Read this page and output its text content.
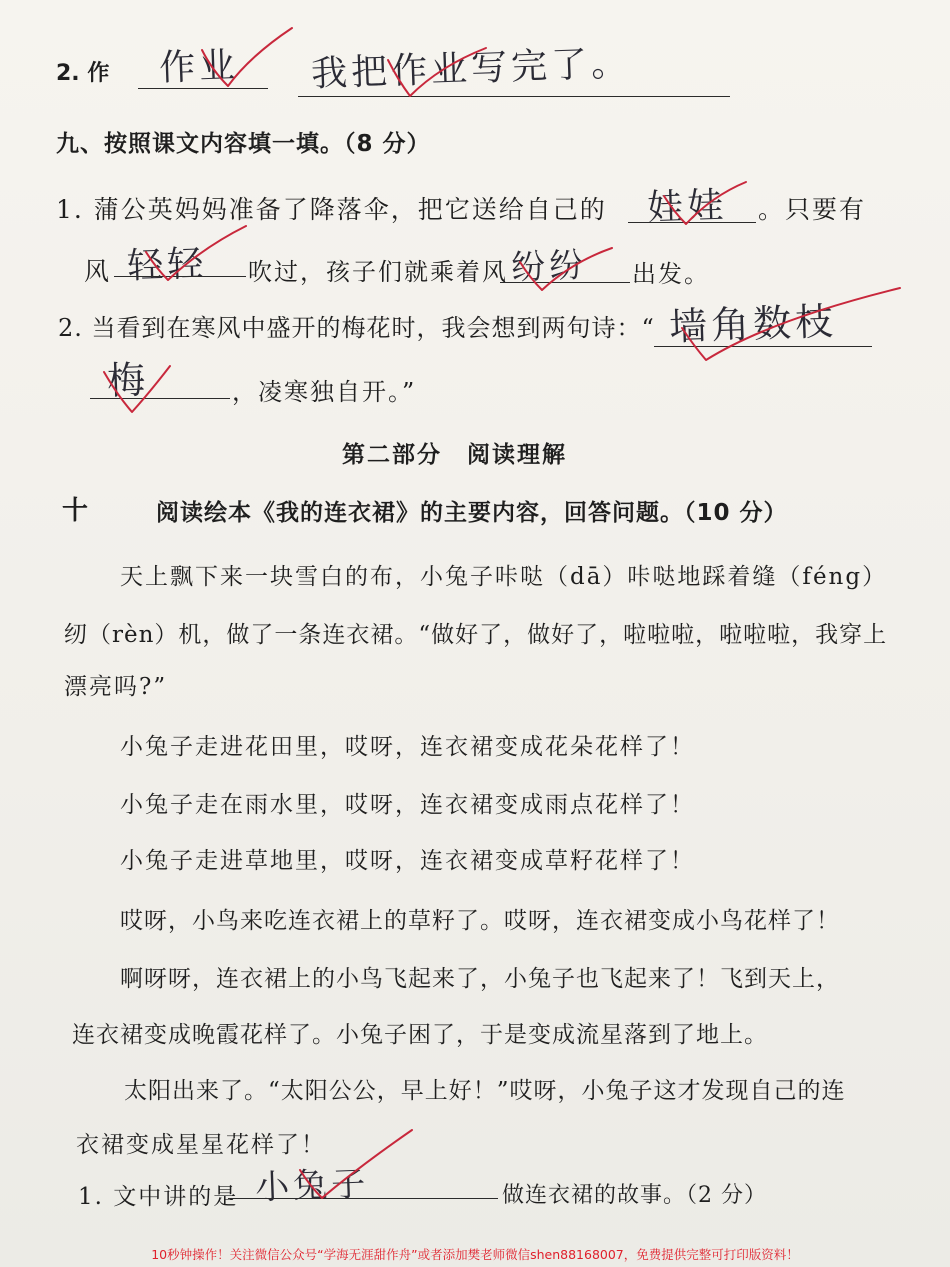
2. 作 作业 我把作业写完了。
九、按照课文内容填一填。（8 分）
1. 蒲公英妈妈准备了降落伞，把它送给自己的 娃娃 。只要有
风 轻轻 吹过，孩子们就乘着风 纷纷 出发。
2. 当看到在寒风中盛开的梅花时，我会想到两句诗：“ 墙角数枝
梅	，凌寒独自开。”
第二部分　阅读理解
十	阅读绘本《我的连衣裙》的主要内容，回答问题。（10 分）
天上飘下来一块雪白的布，小兔子咔哒（dā）咔哒地踩着缝（féng）
纫（rèn）机，做了一条连衣裙。“做好了，做好了，啦啦啦，啦啦啦，我穿上
漂亮吗?”
小兔子走进花田里，哎呀，连衣裙变成花朵花样了！
小兔子走在雨水里，哎呀，连衣裙变成雨点花样了！
小兔子走进草地里，哎呀，连衣裙变成草籽花样了！
哎呀，小鸟来吃连衣裙上的草籽了。哎呀，连衣裙变成小鸟花样了！
啊呀呀，连衣裙上的小鸟飞起来了，小兔子也飞起来了！飞到天上，
连衣裙变成晚霞花样了。小兔子困了，于是变成流星落到了地上。
太阳出来了。“太阳公公，早上好！”哎呀，小兔子这才发现自己的连
衣裙变成星星花样了！
1. 文中讲的是 小兔子	做连衣裙的故事。（2 分）
10秒钟操作！关注微信公众号“学海无涯甜作舟”或者添加樊老师微信shen88168007，免费提供完整可打印版资料！
